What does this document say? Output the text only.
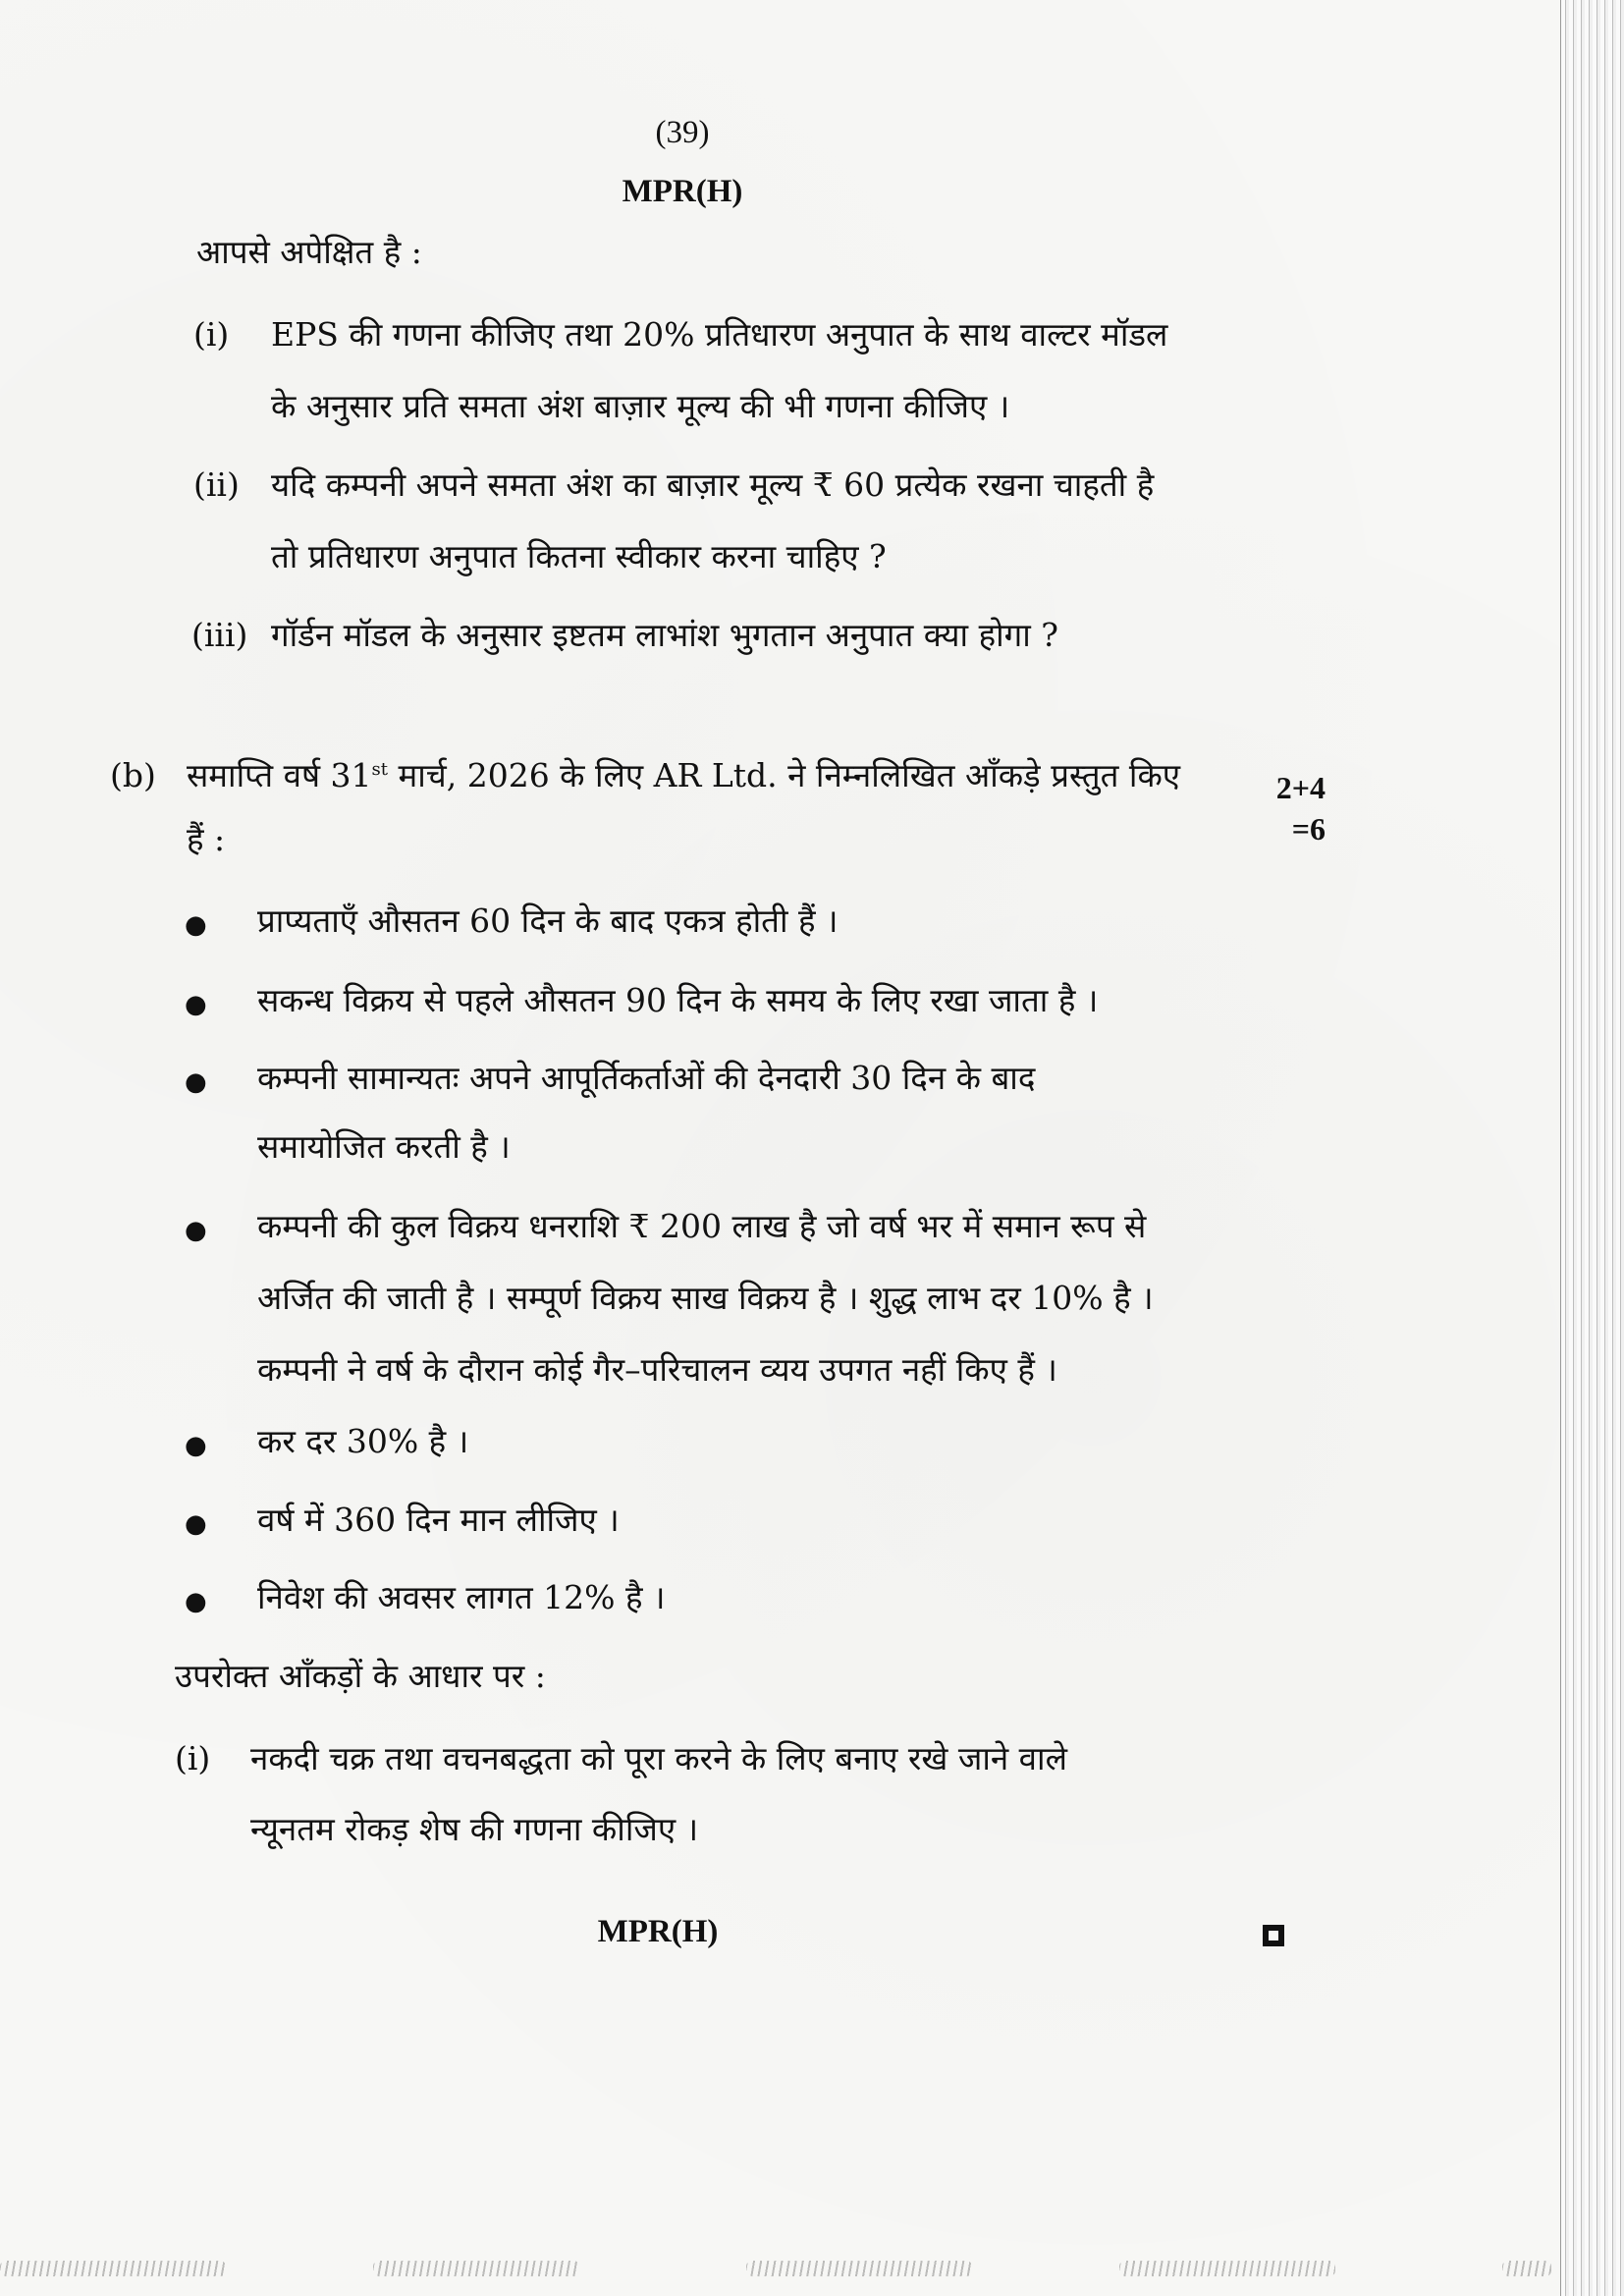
(39)
MPR(H)
आपसे अपेक्षित है :
(i) EPS की गणना कीजिए तथा 20% प्रतिधारण अनुपात के साथ वाल्टर मॉडल
के अनुसार प्रति समता अंश बाज़ार मूल्य की भी गणना कीजिए ।
(ii) यदि कम्पनी अपने समता अंश का बाज़ार मूल्य ₹ 60 प्रत्येक रखना चाहती है
तो प्रतिधारण अनुपात कितना स्वीकार करना चाहिए ?
(iii) गॉर्डन मॉडल के अनुसार इष्टतम लाभांश भुगतान अनुपात क्या होगा ?
(b) समाप्ति वर्ष 31st मार्च, 2026 के लिए AR Ltd. ने निम्नलिखित आँकड़े प्रस्तुत किए
हैं :
2+4
=6
● प्राप्यताएँ औसतन 60 दिन के बाद एकत्र होती हैं ।
● सकन्ध विक्रय से पहले औसतन 90 दिन के समय के लिए रखा जाता है ।
● कम्पनी सामान्यतः अपने आपूर्तिकर्ताओं की देनदारी 30 दिन के बाद
समायोजित करती है ।
● कम्पनी की कुल विक्रय धनराशि ₹ 200 लाख है जो वर्ष भर में समान रूप से
अर्जित की जाती है । सम्पूर्ण विक्रय साख विक्रय है । शुद्ध लाभ दर 10% है ।
कम्पनी ने वर्ष के दौरान कोई गैर–परिचालन व्यय उपगत नहीं किए हैं ।
● कर दर 30% है ।
● वर्ष में 360 दिन मान लीजिए ।
● निवेश की अवसर लागत 12% है ।
उपरोक्त आँकड़ों के आधार पर :
(i) नकदी चक्र तथा वचनबद्धता को पूरा करने के लिए बनाए रखे जाने वाले
न्यूनतम रोकड़ शेष की गणना कीजिए ।
MPR(H)
